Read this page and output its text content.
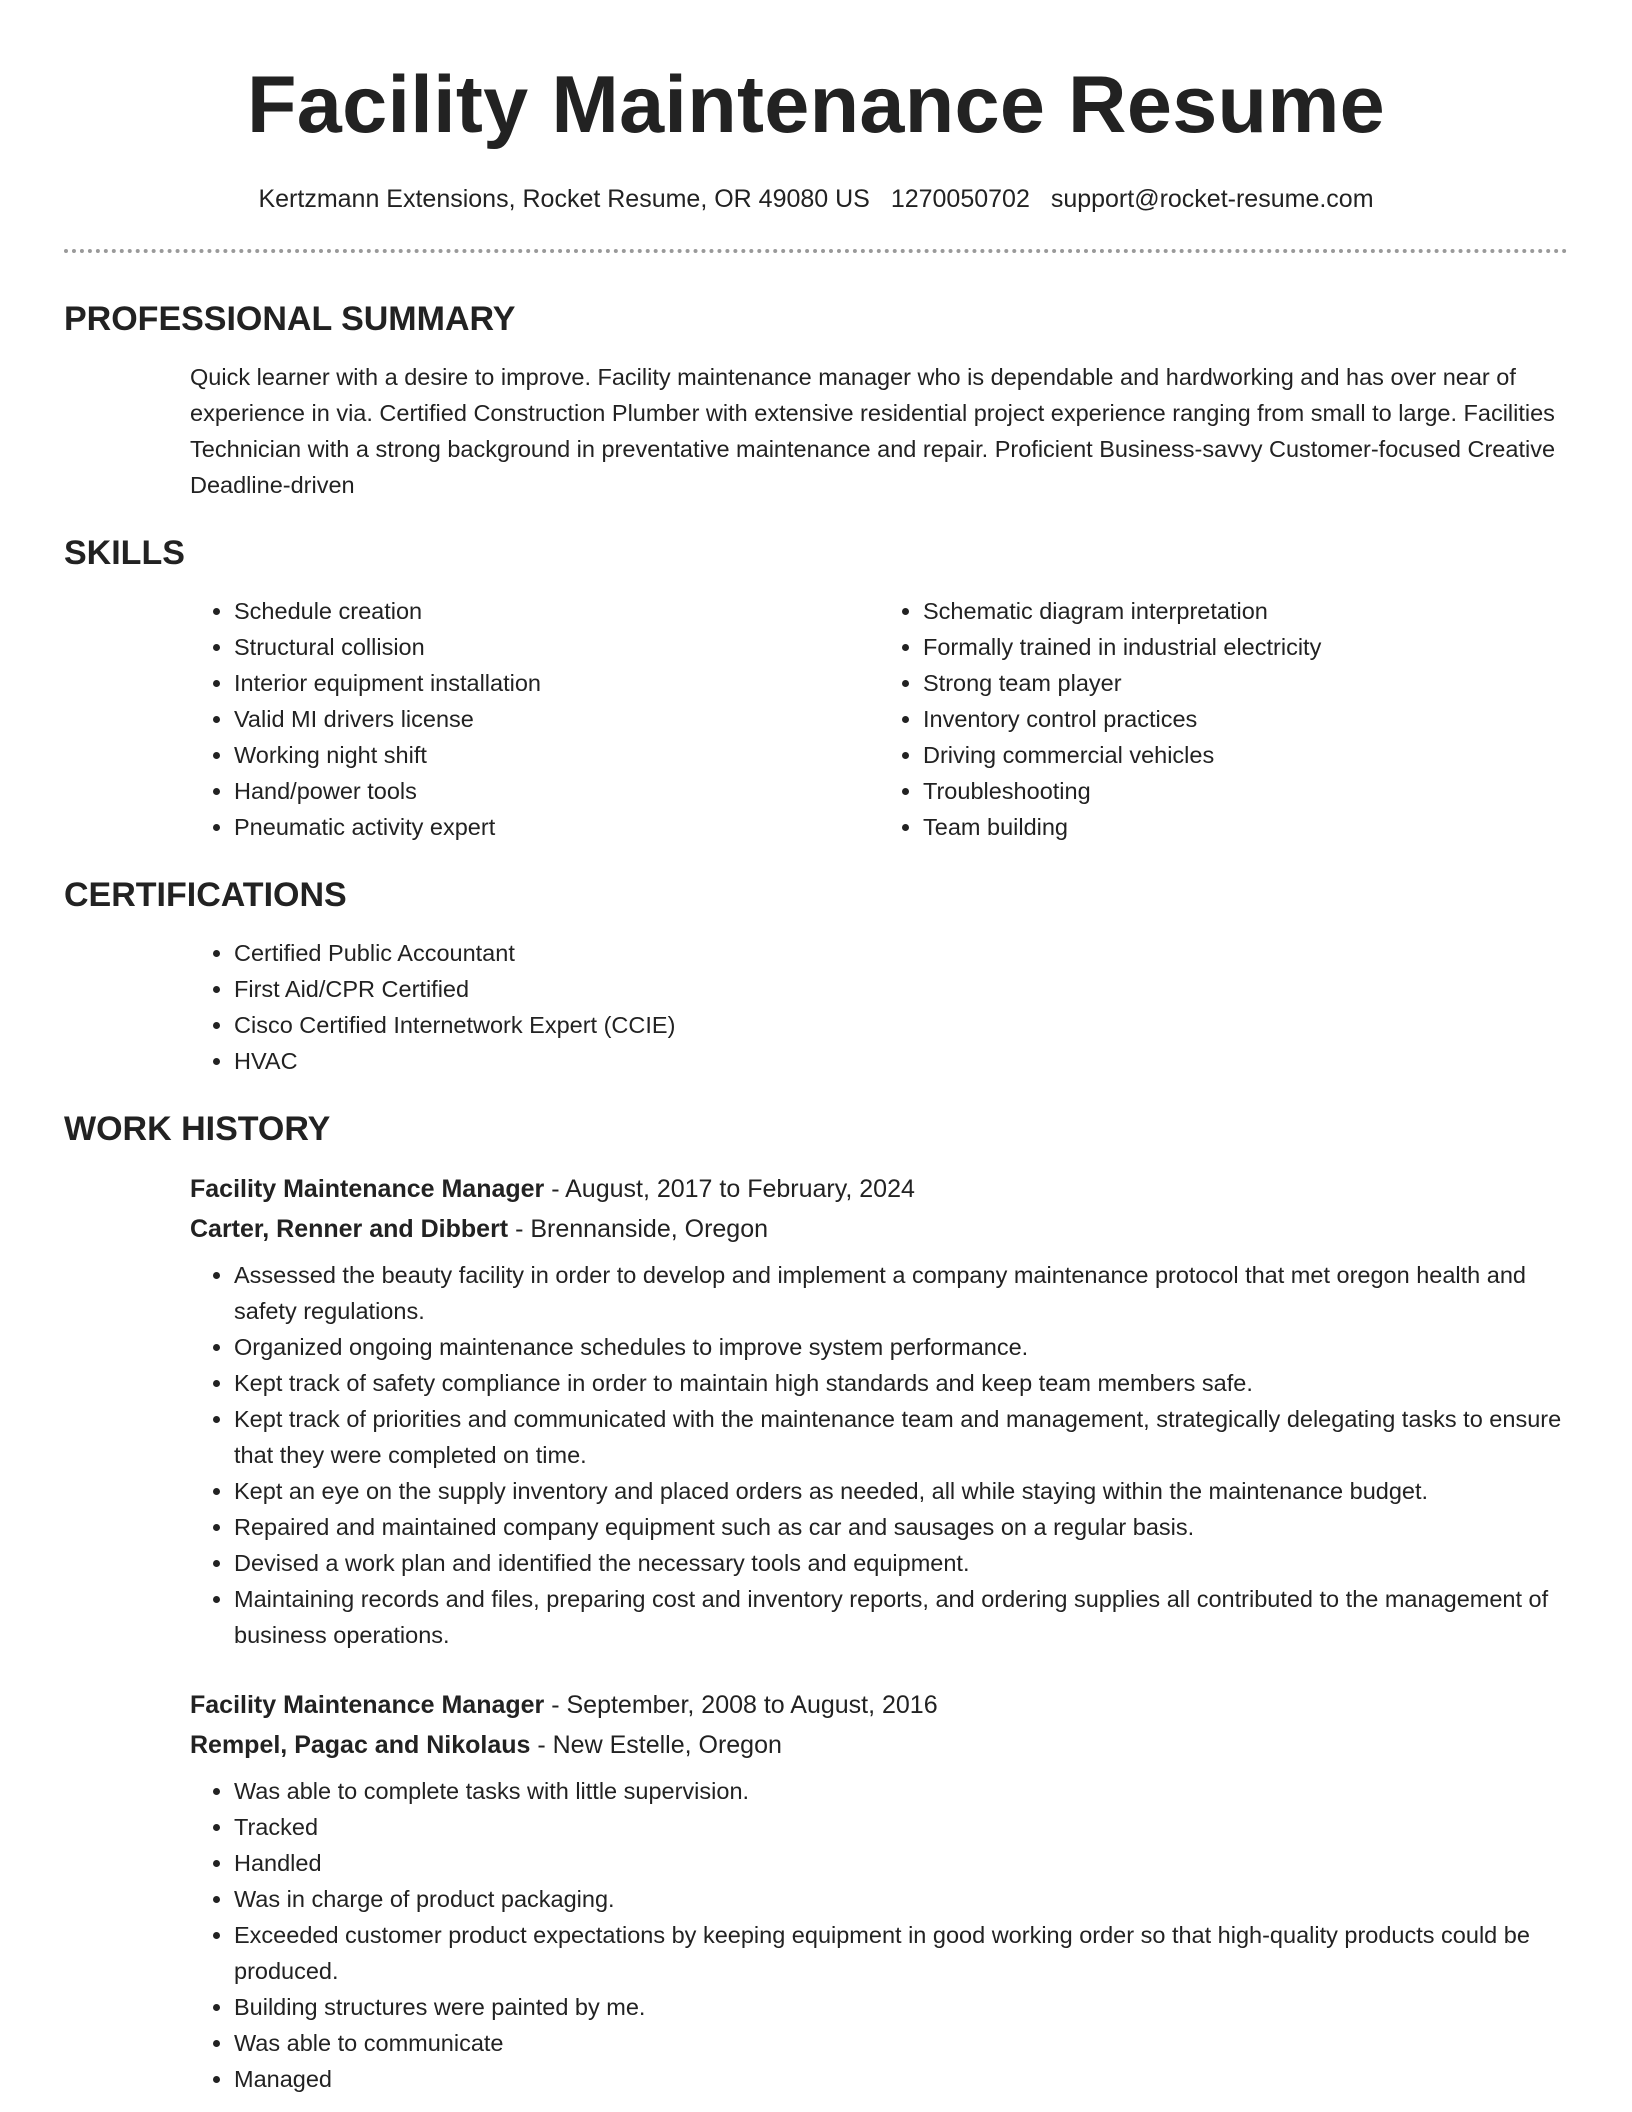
Facility Maintenance Resume
Kertzmann Extensions, Rocket Resume, OR 49080 US 1270050702 support@rocket-resume.com
PROFESSIONAL SUMMARY
Quick learner with a desire to improve. Facility maintenance manager who is dependable and hardworking and has over near of experience in via. Certified Construction Plumber with extensive residential project experience ranging from small to large. Facilities Technician with a strong background in preventative maintenance and repair. Proficient Business-savvy Customer-focused Creative Deadline-driven
SKILLS
• Schedule creation
• Structural collision
• Interior equipment installation
• Valid MI drivers license
• Working night shift
• Hand/power tools
• Pneumatic activity expert
• Schematic diagram interpretation
• Formally trained in industrial electricity
• Strong team player
• Inventory control practices
• Driving commercial vehicles
• Troubleshooting
• Team building
CERTIFICATIONS
• Certified Public Accountant
• First Aid/CPR Certified
• Cisco Certified Internetwork Expert (CCIE)
• HVAC
WORK HISTORY
Facility Maintenance Manager - August, 2017 to February, 2024
Carter, Renner and Dibbert - Brennanside, Oregon
• Assessed the beauty facility in order to develop and implement a company maintenance protocol that met oregon health and safety regulations.
• Organized ongoing maintenance schedules to improve system performance.
• Kept track of safety compliance in order to maintain high standards and keep team members safe.
• Kept track of priorities and communicated with the maintenance team and management, strategically delegating tasks to ensure that they were completed on time.
• Kept an eye on the supply inventory and placed orders as needed, all while staying within the maintenance budget.
• Repaired and maintained company equipment such as car and sausages on a regular basis.
• Devised a work plan and identified the necessary tools and equipment.
• Maintaining records and files, preparing cost and inventory reports, and ordering supplies all contributed to the management of business operations.
Facility Maintenance Manager - September, 2008 to August, 2016
Rempel, Pagac and Nikolaus - New Estelle, Oregon
• Was able to complete tasks with little supervision.
• Tracked
• Handled
• Was in charge of product packaging.
• Exceeded customer product expectations by keeping equipment in good working order so that high-quality products could be produced.
• Building structures were painted by me.
• Was able to communicate
• Managed
